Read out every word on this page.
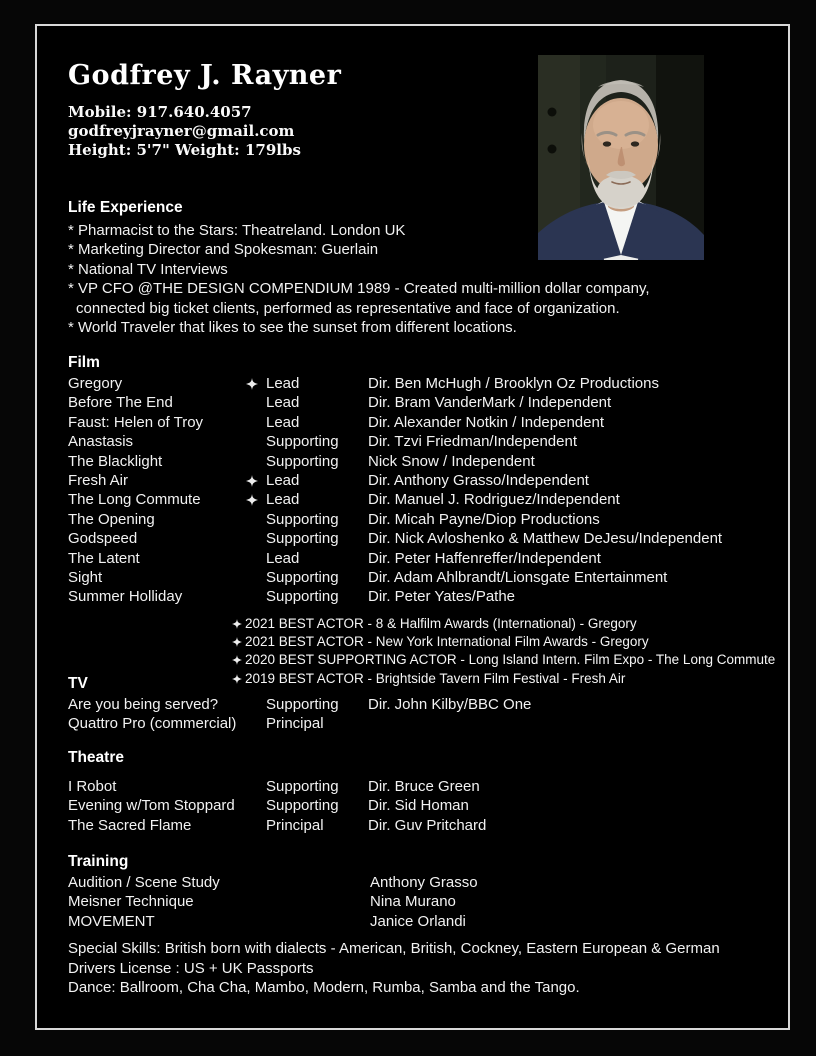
Godfrey J. Rayner
Mobile: 917.640.4057
godfreyjrayner@gmail.com
Height: 5'7" Weight: 179lbs
Life Experience
* Pharmacist to the Stars: Theatreland. London UK
* Marketing Director and Spokesman: Guerlain
* National TV Interviews
* VP CFO @THE DESIGN COMPENDIUM 1989 - Created multi-million dollar company,
connected big ticket clients, performed as representative and face of organization.
* World Traveler that likes to see the sunset from different locations.
Film
Gregory	Lead	Dir. Ben McHugh / Brooklyn Oz Productions
Before The End	Lead	Dir. Bram VanderMark / Independent
Faust: Helen of Troy	Lead	Dir. Alexander Notkin / Independent
Anastasis	Supporting	Dir. Tzvi Friedman/Independent
The Blacklight	Supporting	Nick Snow / Independent
Fresh Air	Lead	Dir. Anthony Grasso/Independent
The Long Commute	Lead	Dir. Manuel J. Rodriguez/Independent
The Opening	Supporting	Dir. Micah Payne/Diop Productions
Godspeed	Supporting	Dir. Nick Avloshenko & Matthew DeJesu/Independent
The Latent	Lead	Dir. Peter Haffenreffer/Independent
Sight	Supporting	Dir. Adam Ahlbrandt/Lionsgate Entertainment
Summer Holliday	Supporting	Dir. Peter Yates/Pathe
2021 BEST ACTOR - 8 & Halfilm Awards (International) - Gregory
2021 BEST ACTOR - New York International Film Awards - Gregory
2020 BEST SUPPORTING ACTOR - Long Island Intern. Film Expo - The Long Commute
2019 BEST ACTOR - Brightside Tavern Film Festival - Fresh Air
TV
Are you being served?	Supporting	Dir. John Kilby/BBC One
Quattro Pro (commercial)	Principal
Theatre
I Robot	Supporting	Dir. Bruce Green
Evening w/Tom Stoppard	Supporting	Dir. Sid Homan
The Sacred Flame	Principal	Dir. Guv Pritchard
Training
Audition / Scene Study	Anthony Grasso
Meisner Technique	Nina Murano
MOVEMENT	Janice Orlandi
Special Skills: British born with dialects - American, British, Cockney, Eastern European & German
Drivers License : US + UK Passports
Dance: Ballroom, Cha Cha, Mambo, Modern, Rumba, Samba and the Tango.
